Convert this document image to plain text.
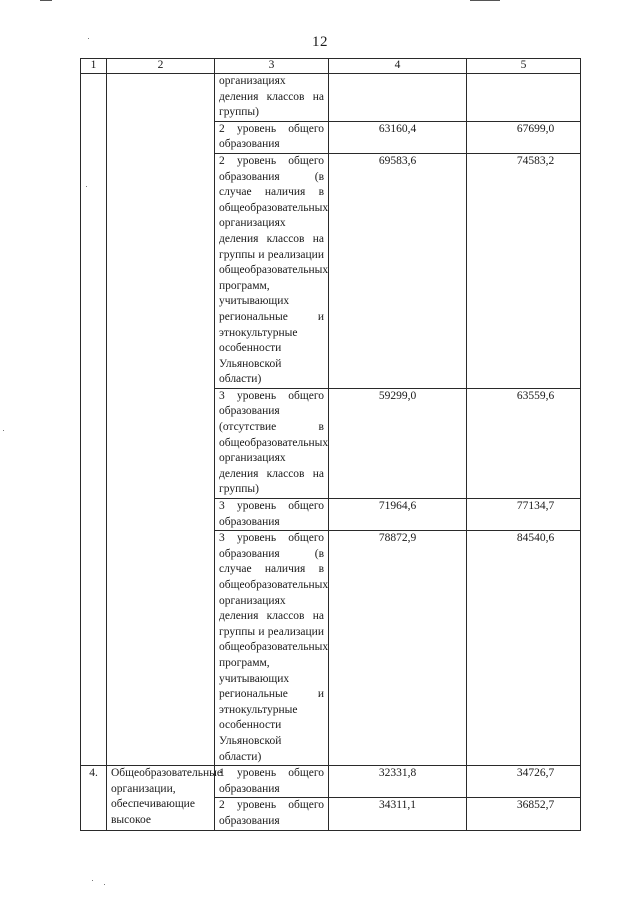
12
1	2	3	4	5
		организациях деления классов на группы)		
		2 уровень общего образования	63160,4	67699,0
		2 уровень общего образования (в случае наличия в общеобразовательных организациях деления классов на группы и реализации общеобразовательных программ, учитывающих региональные и этнокультурные особенности Ульяновской области)	69583,6	74583,2
		3 уровень общего образования (отсутствие в общеобразовательных организациях деления классов на группы)	59299,0	63559,6
		3 уровень общего образования	71964,6	77134,7
		3 уровень общего образования (в случае наличия в общеобразовательных организациях деления классов на группы и реализации общеобразовательных программ, учитывающих региональные и этнокультурные особенности Ульяновской области)	78872,9	84540,6
4.	Общеобразовательные организации, обеспечивающие высокое	1 уровень общего образования	32331,8	34726,7
		2 уровень общего образования	34311,1	36852,7
